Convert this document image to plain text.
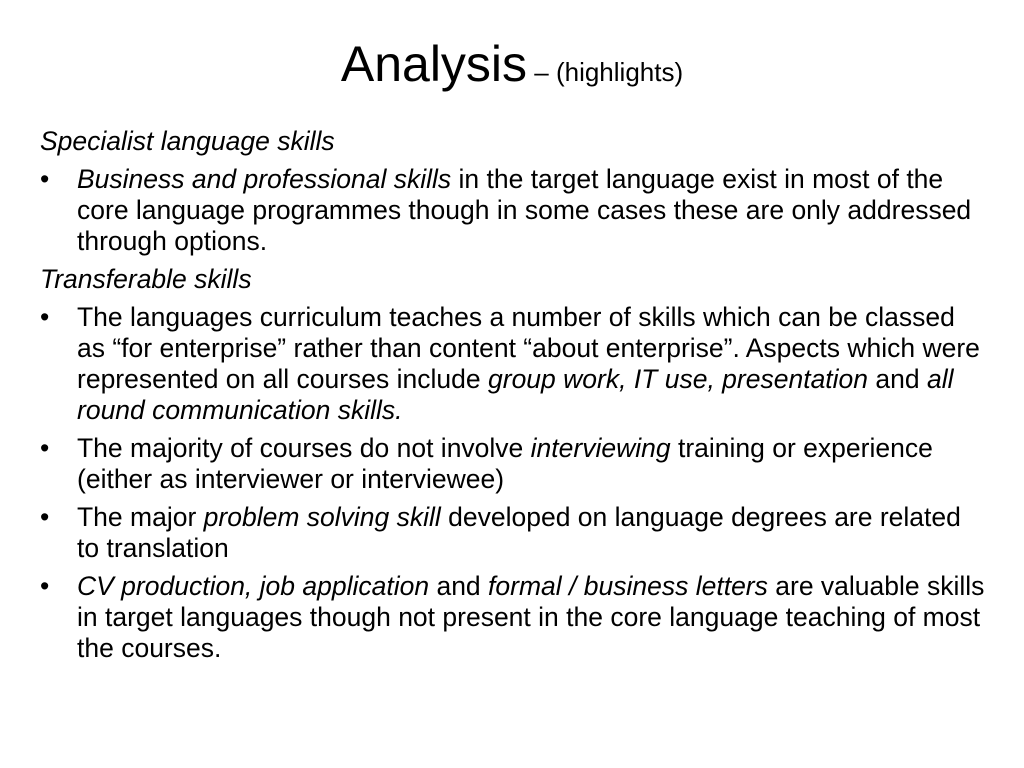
Analysis – (highlights)
Specialist language skills
• Business and professional skills in the target language exist in most of the core language programmes though in some cases these are only addressed through options.
Transferable skills
• The languages curriculum teaches a number of skills which can be classed as “for enterprise” rather than content “about enterprise”. Aspects which were represented on all courses include group work, IT use, presentation and all round communication skills.
• The majority of courses do not involve interviewing training or experience (either as interviewer or interviewee)
• The major problem solving skill developed on language degrees are related to translation
• CV production, job application and formal / business letters are valuable skills in target languages though not present in the core language teaching of most the courses.
